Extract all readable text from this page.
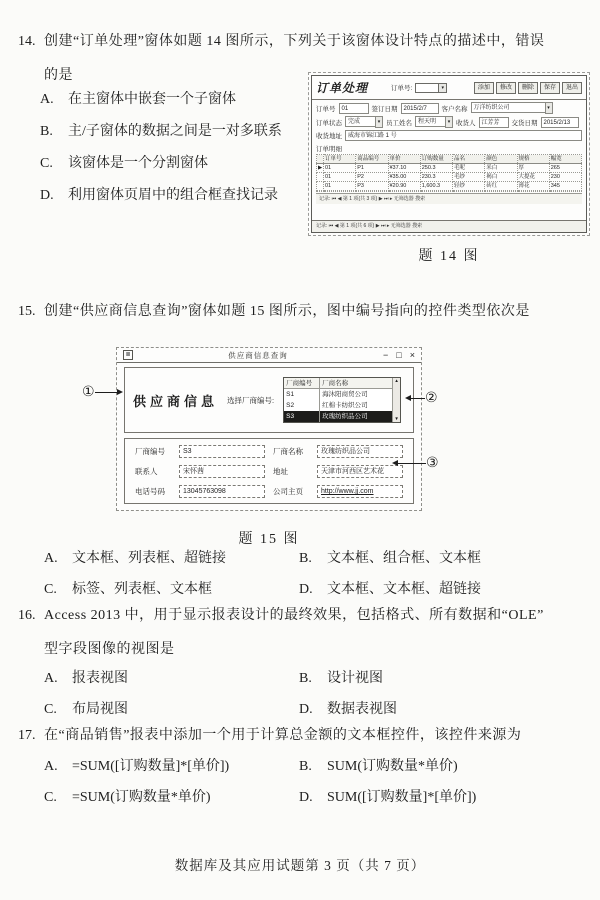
14. 创建“订单处理”窗体如题 14 图所示，下列关于该窗体设计特点的描述中，错误
的是
A.	在主窗体中嵌套一个子窗体
B.	主/子窗体的数据之间是一对多联系
C.	该窗体是一个分割窗体
D.	利用窗体页眉中的组合框查找记录
订单处理	订单号:	▾	添加	修改	删除	保存	退出
订单号	01	签订日期	2015/2/7	客户名称	万洋纺织公司	▾
订单状态	完成	▾ 员工姓名	程天明	▾ 收货人	江芳芳	交货日期	2015/2/13
收货地址	威海市锦江路 1 号
订单明细
	订单号	商品编号	单价	订购数量	品名	颜色	规格	幅宽
▶	01	P1	¥37.10	250.3	毛呢	米白	厚	265
	01	P2	¥35.00	230.3	毛纱	褐白	大提花	230
	01	P3	¥20.90	1,600.3	轻纱	砖红	薄花	345

记录: ⏮ ◀ 第 1 项(共 3 项) ▶ ⏭ ▸ 无筛选器 搜索
记录: ⏮ ◀ 第 1 项(共 6 项) ▶ ⏭ ▸ 无筛选器 搜索
题 14 图
15. 创建“供应商信息查询”窗体如题 15 图所示，图中编号指向的控件类型依次是
≣	供应商信息查询	− □ ×
供应商信息 选择厂商编号:
厂商编号	厂商名称
S1	海沐阳商贸公司
S2	红棉卡纺织公司
S3	玫瑰纺织品公司
▲
▼
厂商编号	S3	厂商名称	玫瑰纺织品公司
联系人	宋怀茜	地址	天津市河西区艺术花
电话号码	13045763098	公司主页	http://www.jj.com
①	②
③
题 15 图
A.	文本框、列表框、超链接	B.	文本框、组合框、文本框
C.	标签、列表框、文本框	D.	文本框、文本框、超链接
16. Access 2013 中，用于显示报表设计的最终效果，包括格式、所有数据和“OLE”
型字段图像的视图是
A.	报表视图	B.	设计视图
C.	布局视图	D.	数据表视图
17. 在“商品销售”报表中添加一个用于计算总金额的文本框控件，该控件来源为
A.	=SUM([订购数量]*[单价])	B.	SUM(订购数量*单价)
C.	=SUM(订购数量*单价)	D.	SUM([订购数量]*[单价])
数据库及其应用试题第 3 页（共 7 页）
